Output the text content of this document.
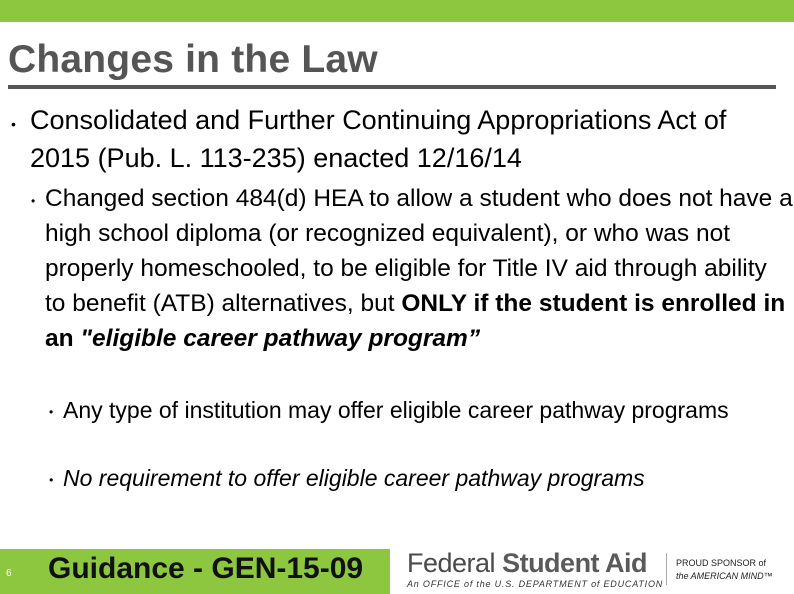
Changes in the Law
• Consolidated and Further Continuing Appropriations Act of 2015 (Pub. L. 113-235) enacted 12/16/14
• Changed section 484(d) HEA to allow a student who does not have a high school diploma (or recognized equivalent), or who was not properly homeschooled, to be eligible for Title IV aid through ability to benefit (ATB) alternatives, but ONLY if the student is enrolled in an "eligible career pathway program”
• Any type of institution may offer eligible career pathway programs
• No requirement to offer eligible career pathway programs
6 Guidance - GEN-15-09 Federal Student Aid
An OFFICE of the U.S. DEPARTMENT of EDUCATION
PROUD SPONSOR of
the AMERICAN MIND™
